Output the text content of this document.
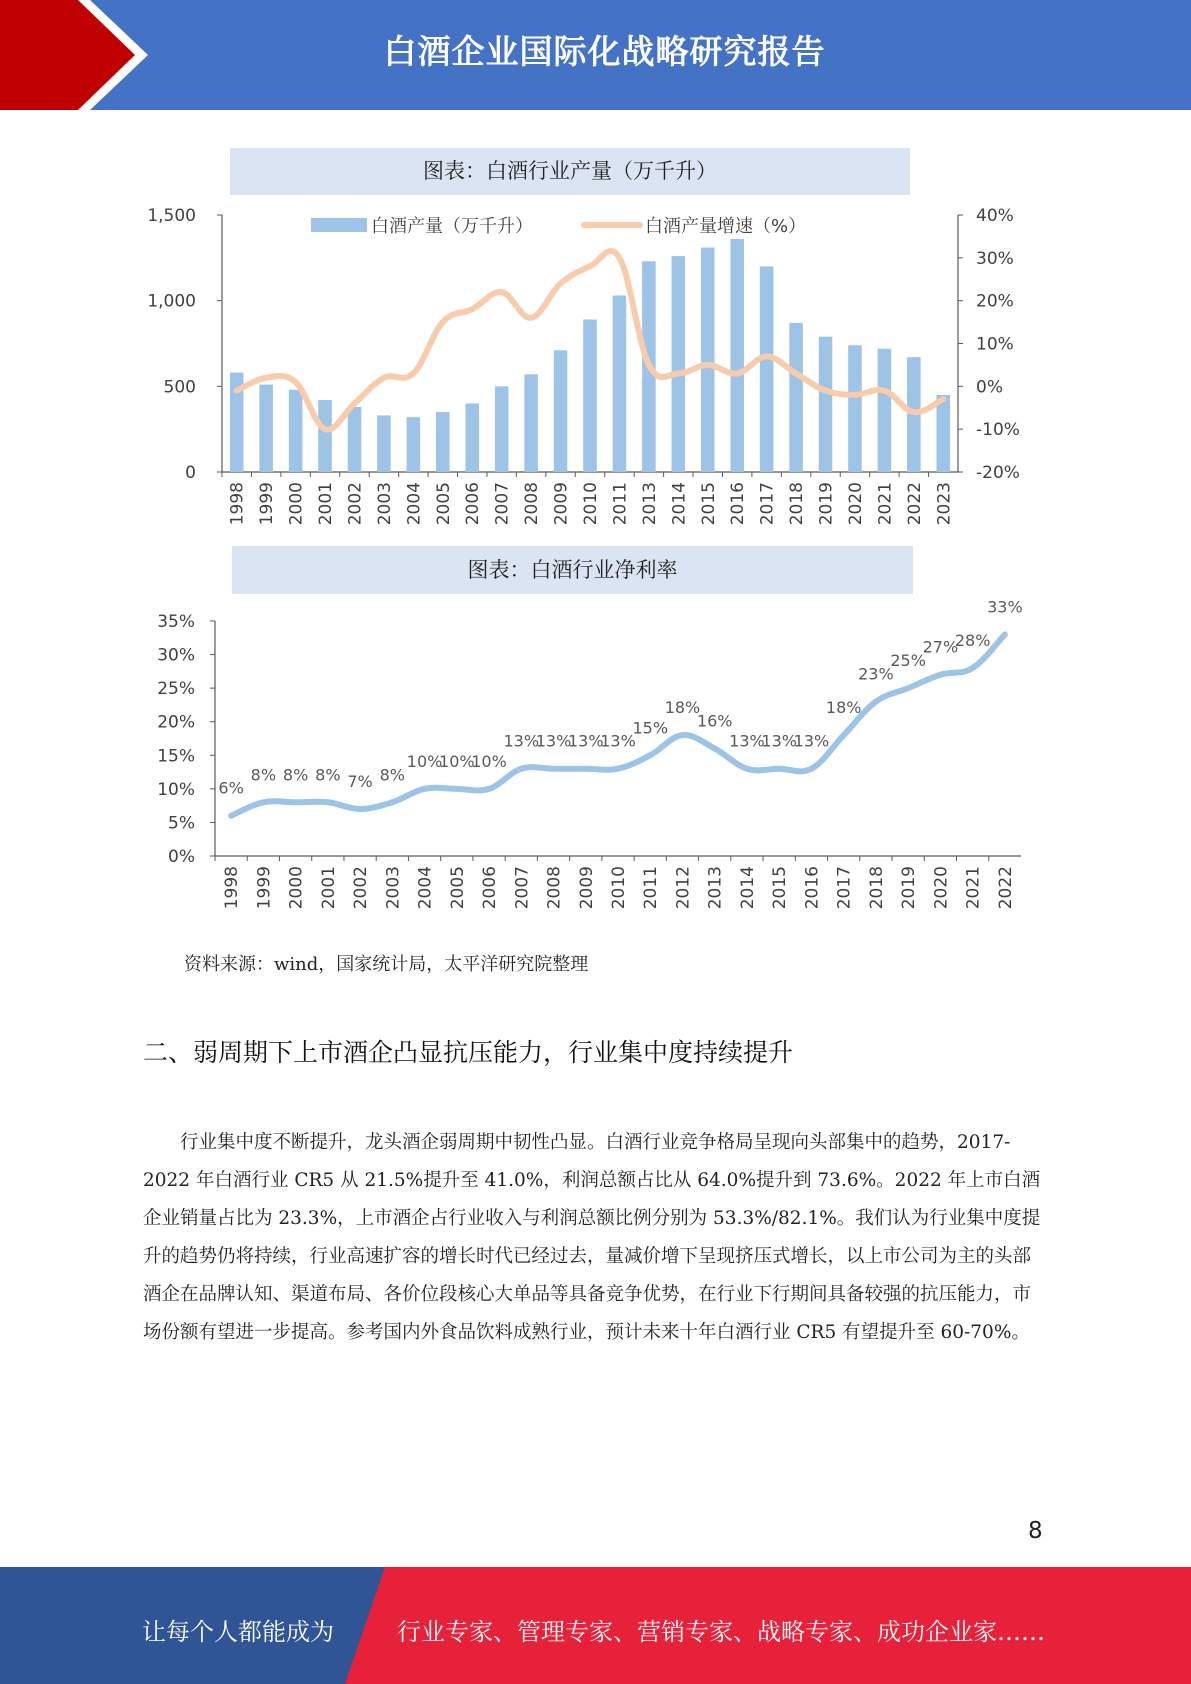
白酒企业国际化战略研究报告
图表：白酒行业产量（万千升）
0
500
1,000
1,500
-20%
-10%
0%
10%
20%
30%
40%
1998 1999 2000 2001 2002 2003 2004 2005 2006 2007 2008 2009 2010 2011 2013 2014 2015 2016 2017 2018 2019 2020 2021 2022 2023
白酒产量（万千升）	白酒产量增速（%）
图表：白酒行业净利率
0%
5%
10%
15%
20%
25%
30%
35%
6%
8% 8% 8% 7% 8%
10%
10%
10%
13%
13%
13%
13%
15%
18%
16%
13%
13%
13%
18%
23%
25%
27%
28%
33%
1998 1999 2000 2001 2002 2003 2004 2005 2006 2007 2008 2009 2010 2011 2012 2013 2014 2015 2016 2017 2018 2019 2020 2021 2022
资料来源：wind，国家统计局，太平洋研究院整理
二、弱周期下上市酒企凸显抗压能力，行业集中度持续提升

行业集中度不断提升，龙头酒企弱周期中韧性凸显。白酒行业竞争格局呈现向头部集中的趋势，2017-2022 年白酒行业 CR5 从 21.5%提升至 41.0%，利润总额占比从 64.0%提升到 73.6%。2022 年上市白酒企业销量占比为 23.3%，上市酒企占行业收入与利润总额比例分别为 53.3%/82.1%。我们认为行业集中度提升的趋势仍将持续，行业高速扩容的增长时代已经过去，量减价增下呈现挤压式增长，以上市公司为主的头部酒企在品牌认知、渠道布局、各价位段核心大单品等具备竞争优势，在行业下行期间具备较强的抗压能力，市场份额有望进一步提高。参考国内外食品饮料成熟行业，预计未来十年白酒行业 CR5 有望提升至 60-70%。

8
让每个人都能成为	行业专家、管理专家、营销专家、战略专家、成功企业家……
